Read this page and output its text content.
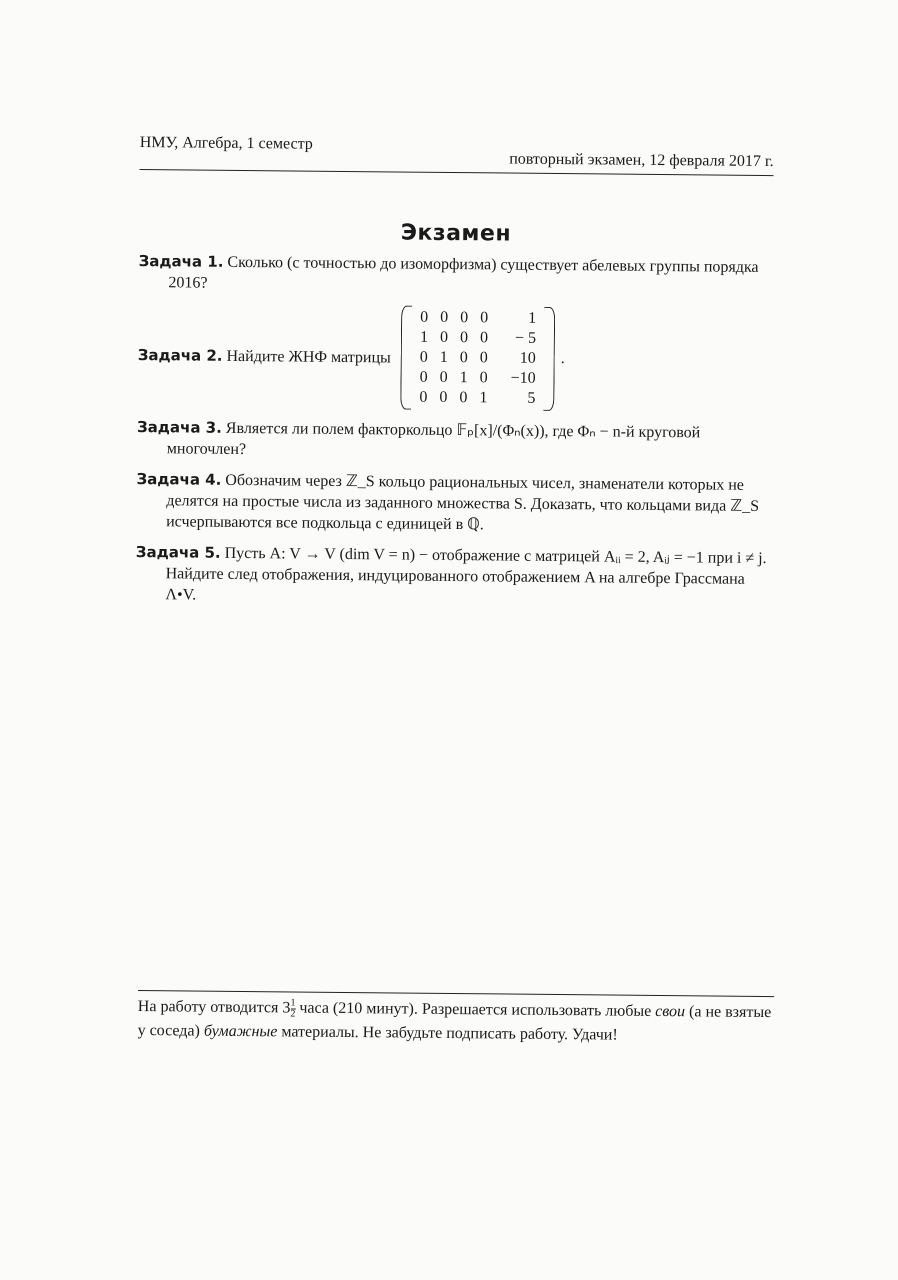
НМУ, Алгебра, 1 семестр
повторный экзамен, 12 февраля 2017 г.
Экзамен
Задача 1. Сколько (с точностью до изоморфизма) существует абелевых группы порядка 2016?
Задача 2. Найдите ЖНФ матрицы
0	0	0	0	1
1	0	0	0	− 5
0	1	0	0	10
0	0	1	0	−10
0	0	0	1	5
.
Задача 3. Является ли полем факторкольцо 𝔽ₚ[x]/(Φₙ(x)), где Φₙ − n-й круговой многочлен?
Задача 4. Обозначим через ℤ_S кольцо рациональных чисел, знаменатели которых не делятся на простые числа из заданного множества S. Доказать, что кольцами вида ℤ_S исчерпываются все подкольца с единицей в ℚ.
Задача 5. Пусть A: V → V (dim V = n) − отображение с матрицей Aᵢᵢ = 2, Aᵢⱼ = −1 при i ≠ j. Найдите след отображения, индуцированного отображением A на алгебре Грассмана Λ•V.
На работу отводится $3 \frac{1}{2}$ часа (210 минут). Разрешается использовать любые свои (а не взятые у соседа) бумажные материалы. Не забудьте подписать работу. Удачи!
